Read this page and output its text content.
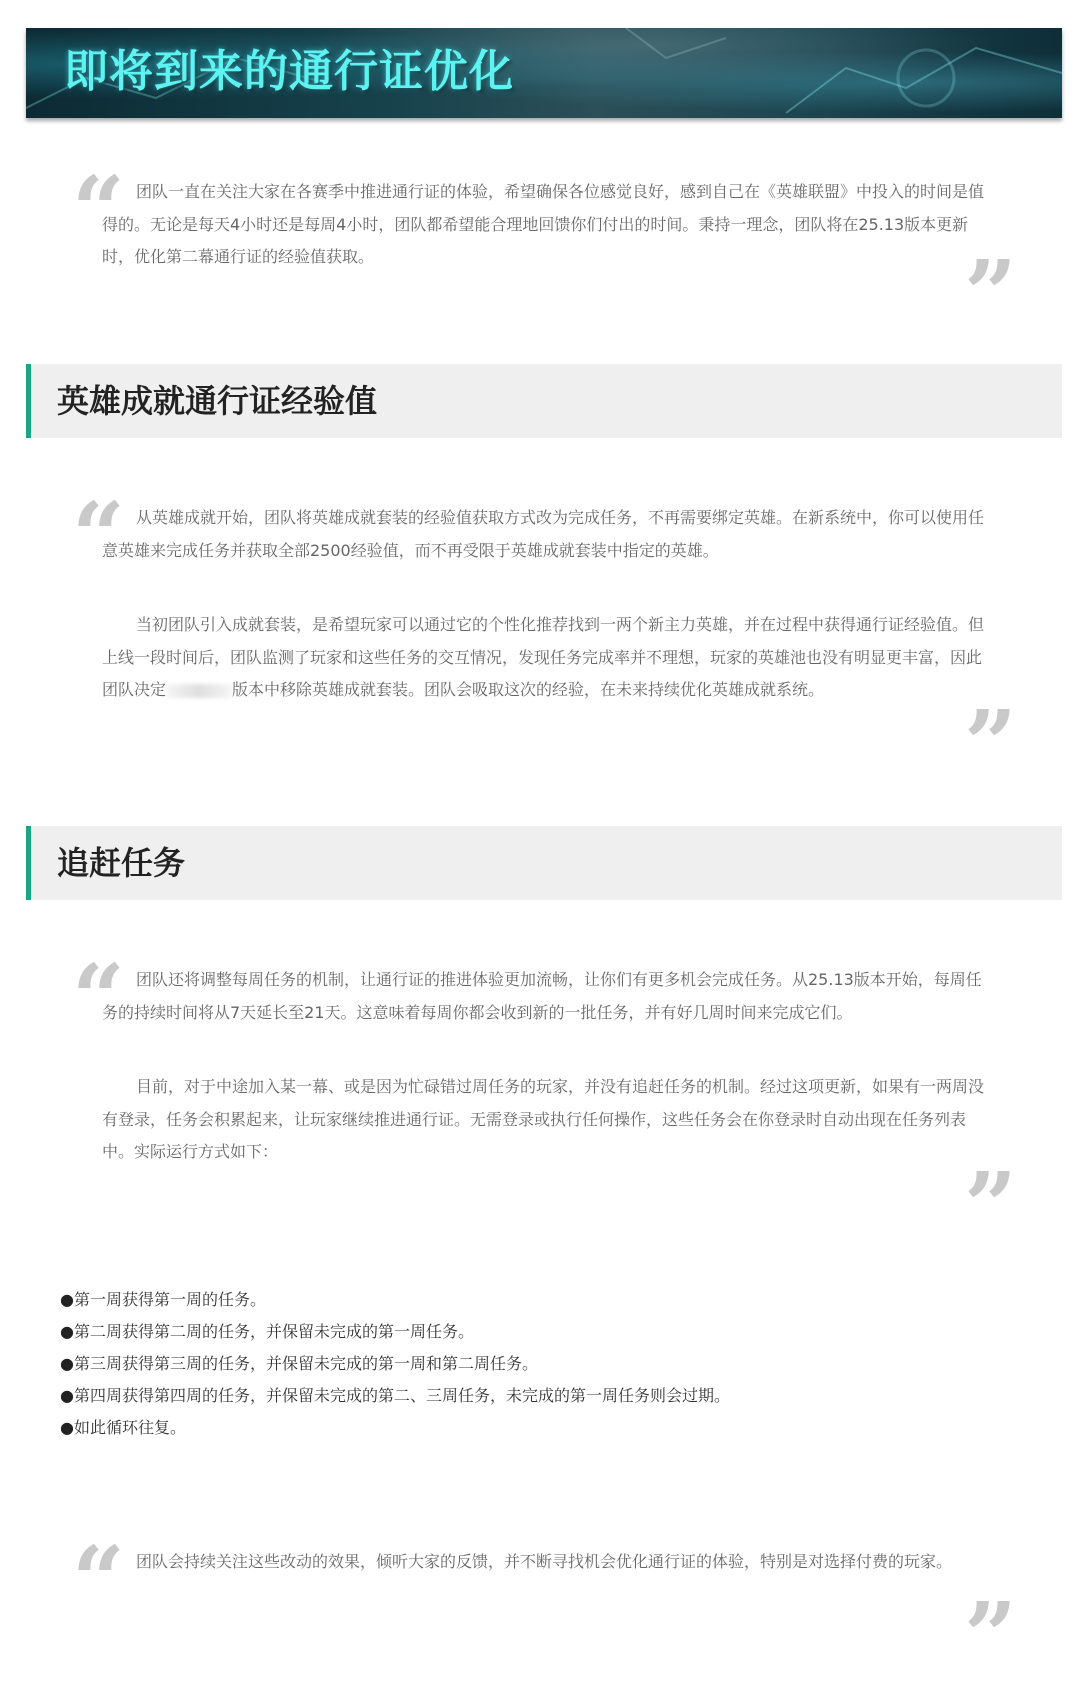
即将到来的通行证优化
“ 团队一直在关注大家在各赛季中推进通行证的体验，希望确保各位感觉良好，感到自己在《英雄联盟》中投入的时间是值得的。无论是每天4小时还是每周4小时，团队都希望能合理地回馈你们付出的时间。秉持一理念，团队将在25.13版本更新时，优化第二幕通行证的经验值获取。	”
英雄成就通行证经验值
“ 从英雄成就开始，团队将英雄成就套装的经验值获取方式改为完成任务，不再需要绑定英雄。在新系统中，你可以使用任意英雄来完成任务并获取全部2500经验值，而不再受限于英雄成就套装中指定的英雄。

当初团队引入成就套装，是希望玩家可以通过它的个性化推荐找到一两个新主力英雄，并在过程中获得通行证经验值。但上线一段时间后，团队监测了玩家和这些任务的交互情况，发现任务完成率并不理想，玩家的英雄池也没有明显更丰富，因此团队决定	版本中移除英雄成就套装。团队会吸取这次的经验，在未来持续优化英雄成就系统。

”
追赶任务
“ 团队还将调整每周任务的机制，让通行证的推进体验更加流畅，让你们有更多机会完成任务。从25.13版本开始，每周任务的持续时间将从7天延长至21天。这意味着每周你都会收到新的一批任务，并有好几周时间来完成它们。

目前，对于中途加入某一幕、或是因为忙碌错过周任务的玩家，并没有追赶任务的机制。经过这项更新，如果有一两周没有登录，任务会积累起来，让玩家继续推进通行证。无需登录或执行任何操作，这些任务会在你登录时自动出现在任务列表中。实际运行方式如下：

”
●第一周获得第一周的任务。
●第二周获得第二周的任务，并保留未完成的第一周任务。
●第三周获得第三周的任务，并保留未完成的第一周和第二周任务。
●第四周获得第四周的任务，并保留未完成的第二、三周任务，未完成的第一周任务则会过期。
●如此循环往复。
“ 团队会持续关注这些改动的效果，倾听大家的反馈，并不断寻找机会优化通行证的体验，特别是对选择付费的玩家。

”
